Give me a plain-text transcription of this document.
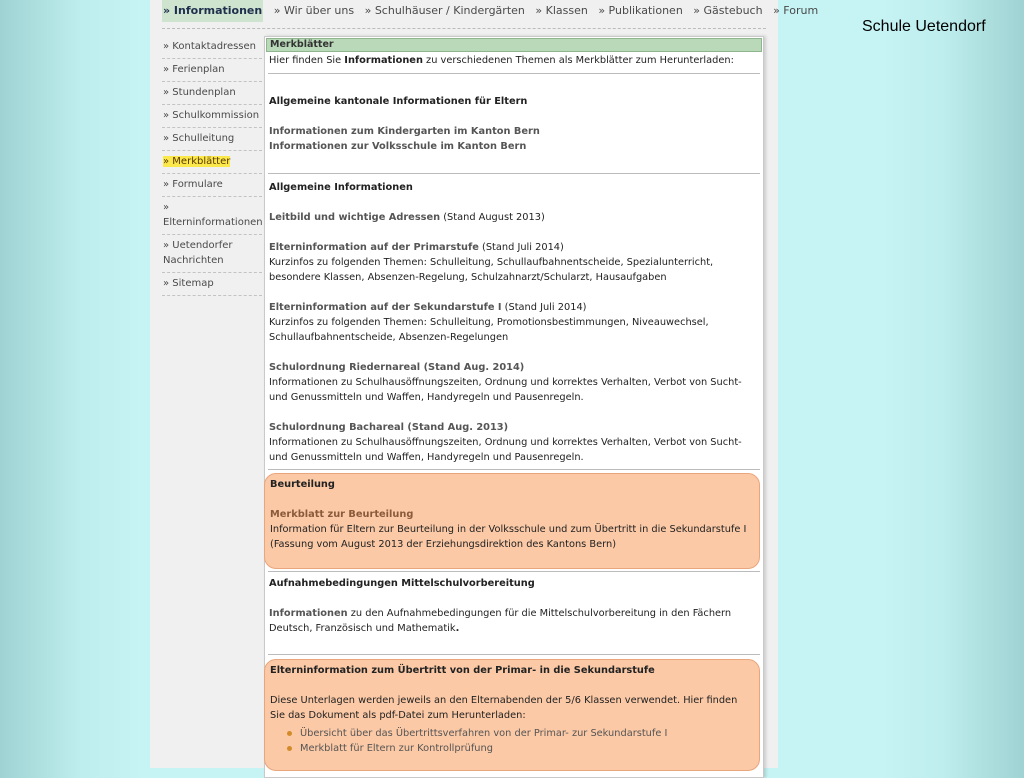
Schule Uetendorf
» Informationen » Wir über uns » Schulhäuser / Kindergärten » Klassen » Publikationen » Gästebuch » Forum
» Kontaktadressen
» Ferienplan
» Stundenplan
» Schulkommission
» Schulleitung
» Merkblätter
» Formulare
» Elterninformationen
» Uetendorfer Nachrichten
» Sitemap
Merkblätter
Hier finden Sie Informationen zu verschiedenen Themen als Merkblätter zum Herunterladen:
Allgemeine kantonale Informationen für Eltern
Informationen zum Kindergarten im Kanton Bern
Informationen zur Volksschule im Kanton Bern
Allgemeine Informationen
Leitbild und wichtige Adressen (Stand August 2013)
Elterninformation auf der Primarstufe (Stand Juli 2014)
Kurzinfos zu folgenden Themen: Schulleitung, Schullaufbahnentscheide, Spezialunterricht, besondere Klassen, Absenzen-Regelung, Schulzahnarzt/Schularzt, Hausaufgaben
Elterninformation auf der Sekundarstufe I (Stand Juli 2014)
Kurzinfos zu folgenden Themen: Schulleitung, Promotionsbestimmungen, Niveauwechsel, Schullaufbahnentscheide, Absenzen-Regelungen
Schulordnung Riedernareal (Stand Aug. 2014)
Informationen zu Schulhausöffnungszeiten, Ordnung und korrektes Verhalten, Verbot von Sucht- und Genussmitteln und Waffen, Handyregeln und Pausenregeln.
Schulordnung Bachareal (Stand Aug. 2013)
Informationen zu Schulhausöffnungszeiten, Ordnung und korrektes Verhalten, Verbot von Sucht- und Genussmitteln und Waffen, Handyregeln und Pausenregeln.
Beurteilung
Merkblatt zur Beurteilung
Information für Eltern zur Beurteilung in der Volksschule und zum Übertritt in die Sekundarstufe I (Fassung vom August 2013 der Erziehungsdirektion des Kantons Bern)
Aufnahmebedingungen Mittelschulvorbereitung
Informationen zu den Aufnahmebedingungen für die Mittelschulvorbereitung in den Fächern Deutsch, Französisch und Mathematik.
Elterninformation zum Übertritt von der Primar- in die Sekundarstufe
Diese Unterlagen werden jeweils an den Elternabenden der 5/6 Klassen verwendet. Hier finden Sie das Dokument als pdf-Datei zum Herunterladen:
Übersicht über das Übertrittsverfahren von der Primar- zur Sekundarstufe I
Merkblatt für Eltern zur Kontrollprüfung
